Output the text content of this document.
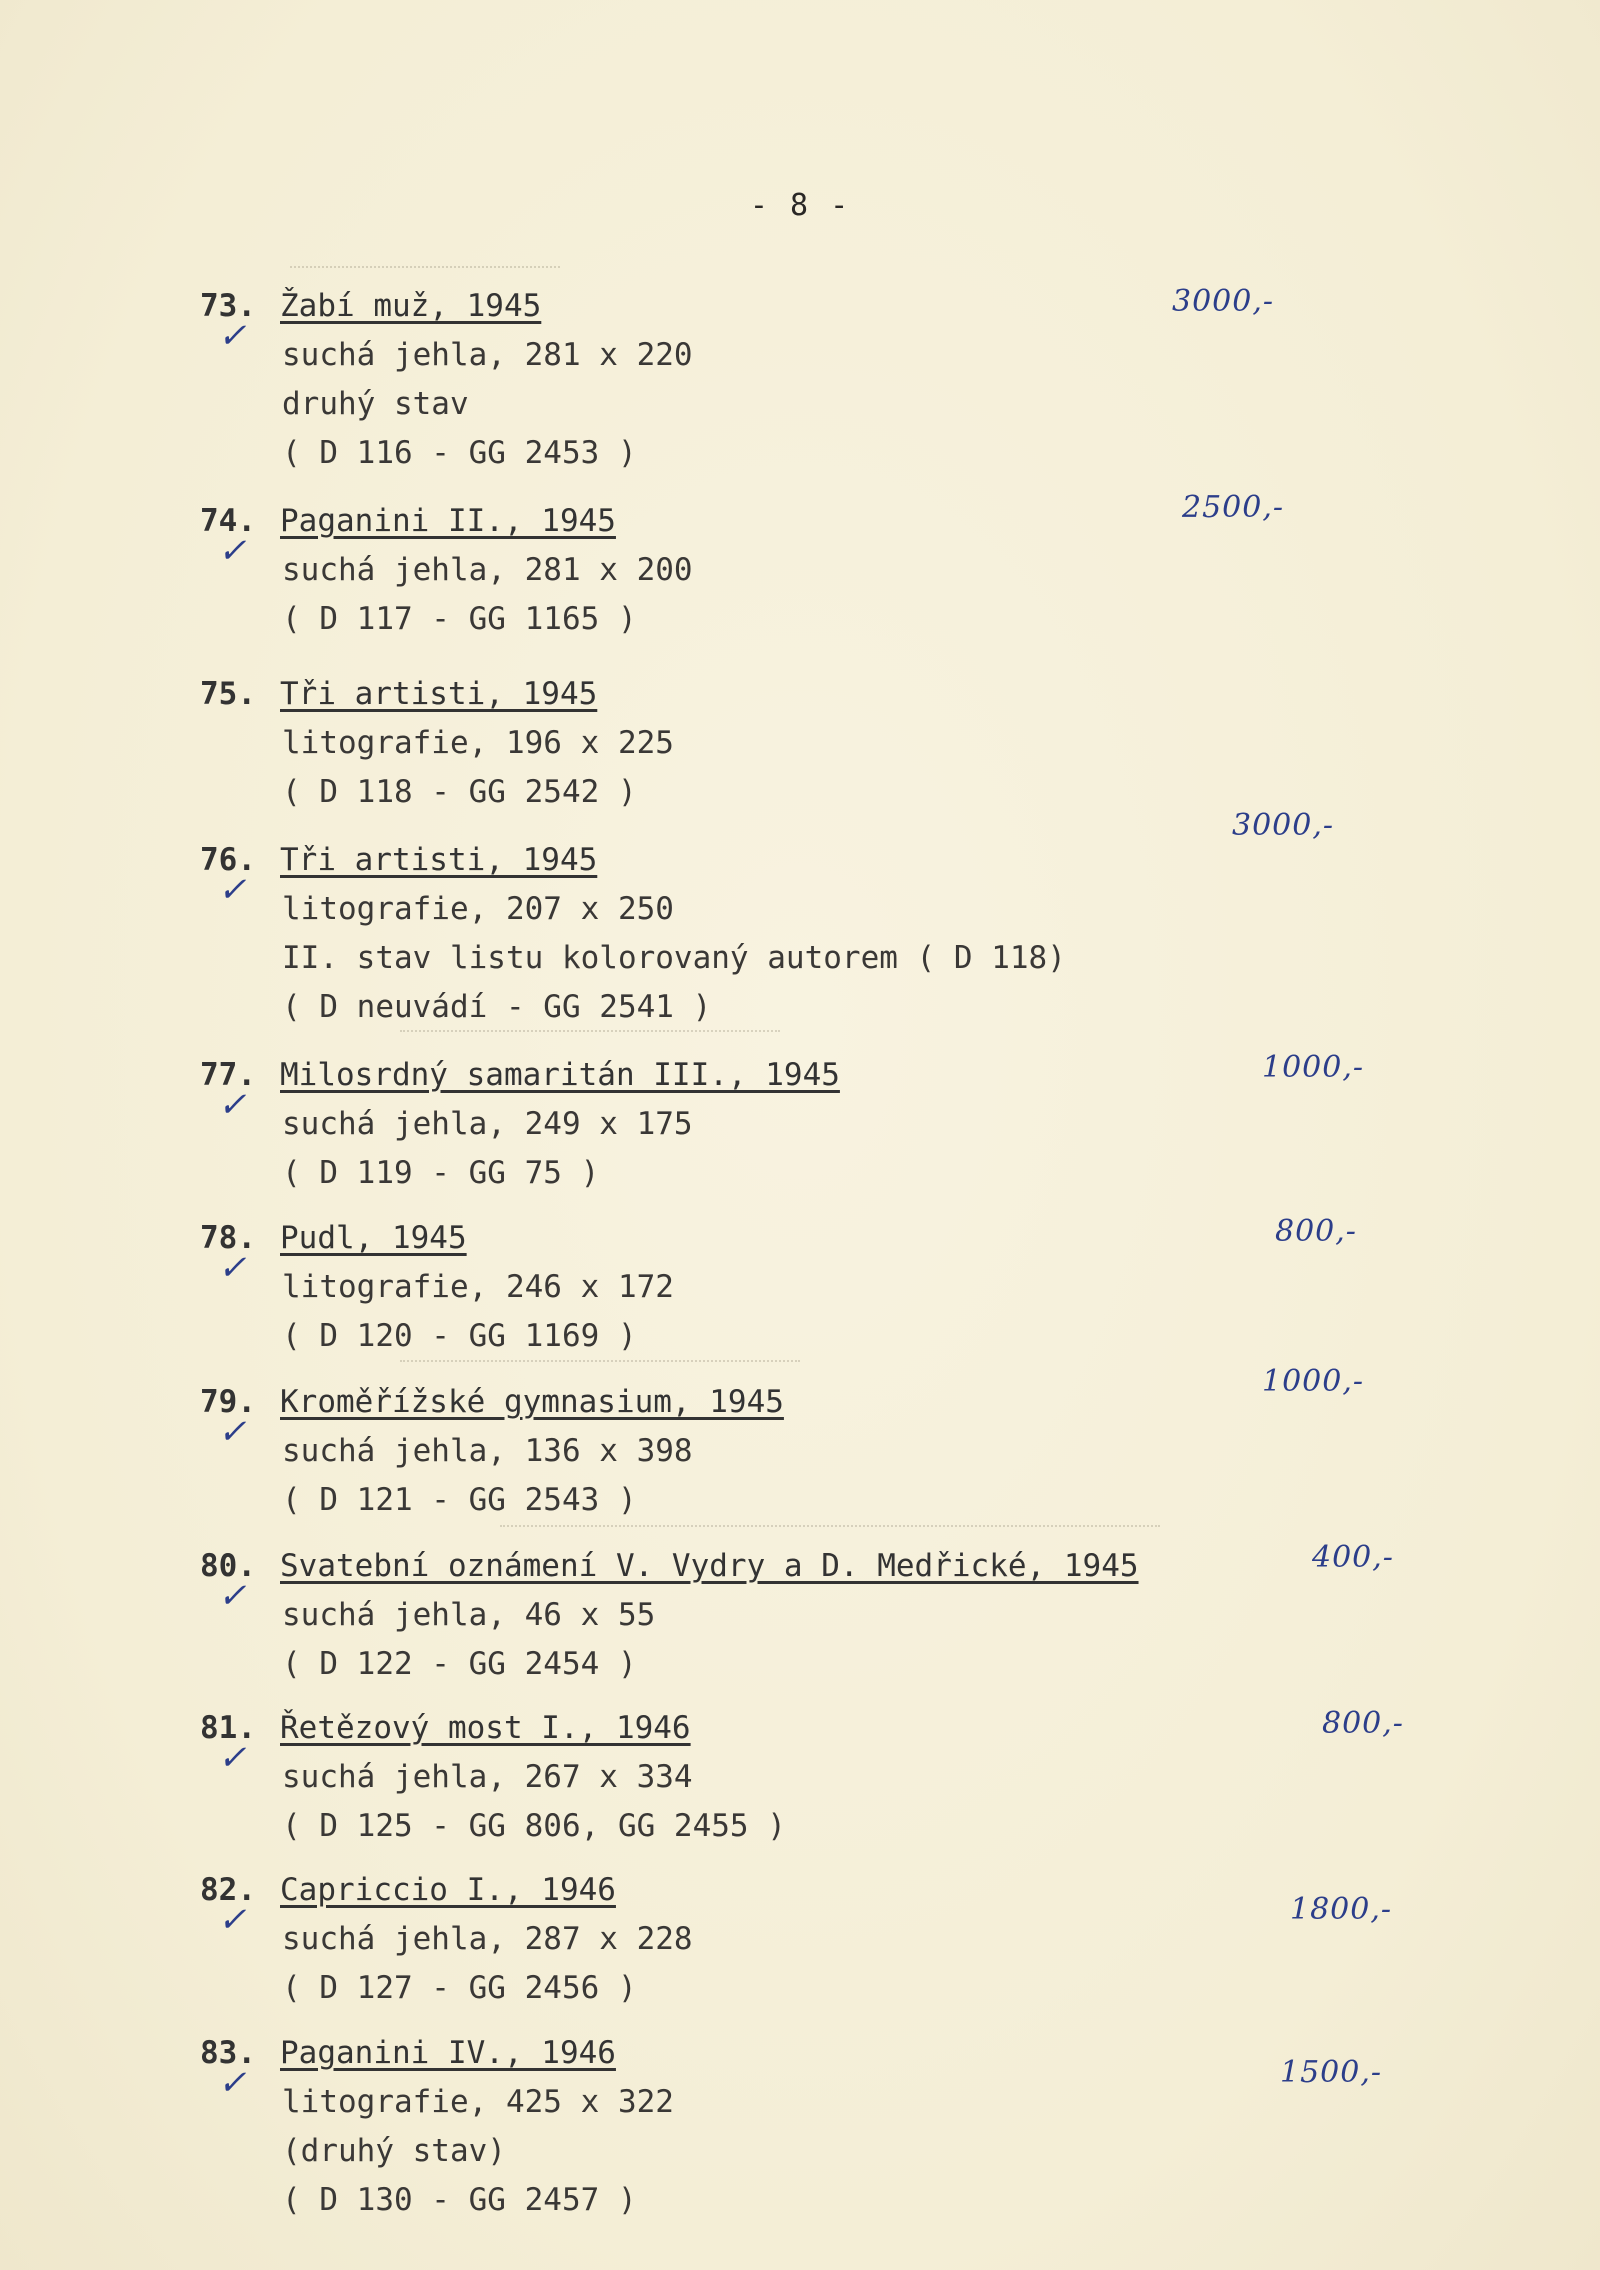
- 8 -
73.
✓
Žabí muž, 1945
suchá jehla, 281 x 220
druhý stav
( D 116 - GG 2453 )
3000,-
74.
✓
Paganini II., 1945
suchá jehla, 281 x 200
( D 117 - GG 1165 )
2500,-
75. Tři artisti, 1945
litografie, 196 x 225
( D 118 - GG 2542 )
76.
✓
Tři artisti, 1945
litografie, 207 x 250
II. stav listu kolorovaný autorem ( D 118)
( D neuvádí - GG 2541 )
3000,-
77.
✓
Milosrdný samaritán III., 1945
suchá jehla, 249 x 175
( D 119 - GG 75 )
1000,-
78.
✓
Pudl, 1945
litografie, 246 x 172
( D 120 - GG 1169 )
800,-
79.
✓
Kroměřížské gymnasium, 1945
suchá jehla, 136 x 398
( D 121 - GG 2543 )
1000,-
80.
✓
Svatební oznámení V. Vydry a D. Medřické, 1945
suchá jehla, 46 x 55
( D 122 - GG 2454 )
400,-
81.
✓
Řetězový most I., 1946
suchá jehla, 267 x 334
( D 125 - GG 806, GG 2455 )
800,-
82.
✓
Capriccio I., 1946
suchá jehla, 287 x 228
( D 127 - GG 2456 )
1800,-
83.
✓
Paganini IV., 1946
litografie, 425 x 322
(druhý stav)
( D 130 - GG 2457 )
1500,-
